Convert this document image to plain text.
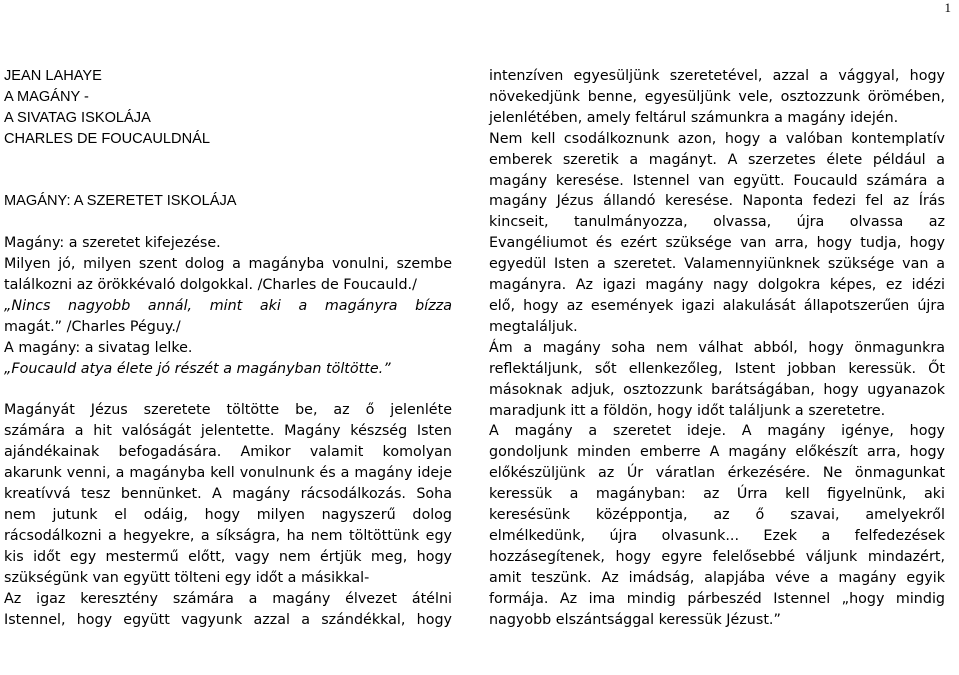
1
JEAN LAHAYE
A MAGÁNY -
A SIVATAG ISKOLÁJA
CHARLES DE FOUCAULDNÁL
MAGÁNY: A SZERETET ISKOLÁJA
Magány: a szeretet kifejezése.
Milyen jó, milyen szent dolog a magányba vonulni, szembe
találkozni az örökkévaló dolgokkal. /Charles de Foucauld./
„Nincs nagyobb annál, mint aki a magányra bízza
magát.” /Charles Péguy./
A magány: a sivatag lelke.
„Foucauld atya élete jó részét a magányban töltötte.”
Magányát Jézus szeretete töltötte be, az ő jelenléte
számára a hit valóságát jelentette. Magány készség Isten
ajándékainak befogadására. Amikor valamit komolyan
akarunk venni, a magányba kell vonulnunk és a magány ideje
kreatívvá tesz bennünket. A magány rácsodálkozás. Soha
nem jutunk el odáig, hogy milyen nagyszerű dolog
rácsodálkozni a hegyekre, a síkságra, ha nem töltöttünk egy
kis időt egy mestermű előtt, vagy nem értjük meg, hogy
szükségünk van együtt tölteni egy időt a másikkal-
Az igaz keresztény számára a magány élvezet átélni
Istennel, hogy együtt vagyunk azzal a szándékkal, hogy
intenzíven egyesüljünk szeretetével, azzal a vággyal, hogy
növekedjünk benne, egyesüljünk vele, osztozzunk örömében,
jelenlétében, amely feltárul számunkra a magány idején.
Nem kell csodálkoznunk azon, hogy a valóban kontemplatív
emberek szeretik a magányt. A szerzetes élete például a
magány keresése. Istennel van együtt. Foucauld számára a
magány Jézus állandó keresése. Naponta fedezi fel az Írás
kincseit, tanulmányozza, olvassa, újra olvassa az
Evangéliumot és ezért szüksége van arra, hogy tudja, hogy
egyedül Isten a szeretet. Valamennyiünknek szüksége van a
magányra. Az igazi magány nagy dolgokra képes, ez idézi
elő, hogy az események igazi alakulását állapotszerűen újra
megtaláljuk.
Ám a magány soha nem válhat abból, hogy önmagunkra
reflektáljunk, sőt ellenkezőleg, Istent jobban keressük. Őt
másoknak adjuk, osztozzunk barátságában, hogy ugyanazok
maradjunk itt a földön, hogy időt találjunk a szeretetre.
A magány a szeretet ideje. A magány igénye, hogy
gondoljunk minden emberre A magány előkészít arra, hogy
előkészüljünk az Úr váratlan érkezésére. Ne önmagunkat
keressük a magányban: az Úrra kell figyelnünk, aki
keresésünk középpontja, az ő szavai, amelyekről
elmélkedünk, újra olvasunk... Ezek a felfedezések
hozzásegítenek, hogy egyre felelősebbé váljunk mindazért,
amit teszünk. Az imádság, alapjába véve a magány egyik
formája. Az ima mindig párbeszéd Istennel „hogy mindig
nagyobb elszántsággal keressük Jézust.”
